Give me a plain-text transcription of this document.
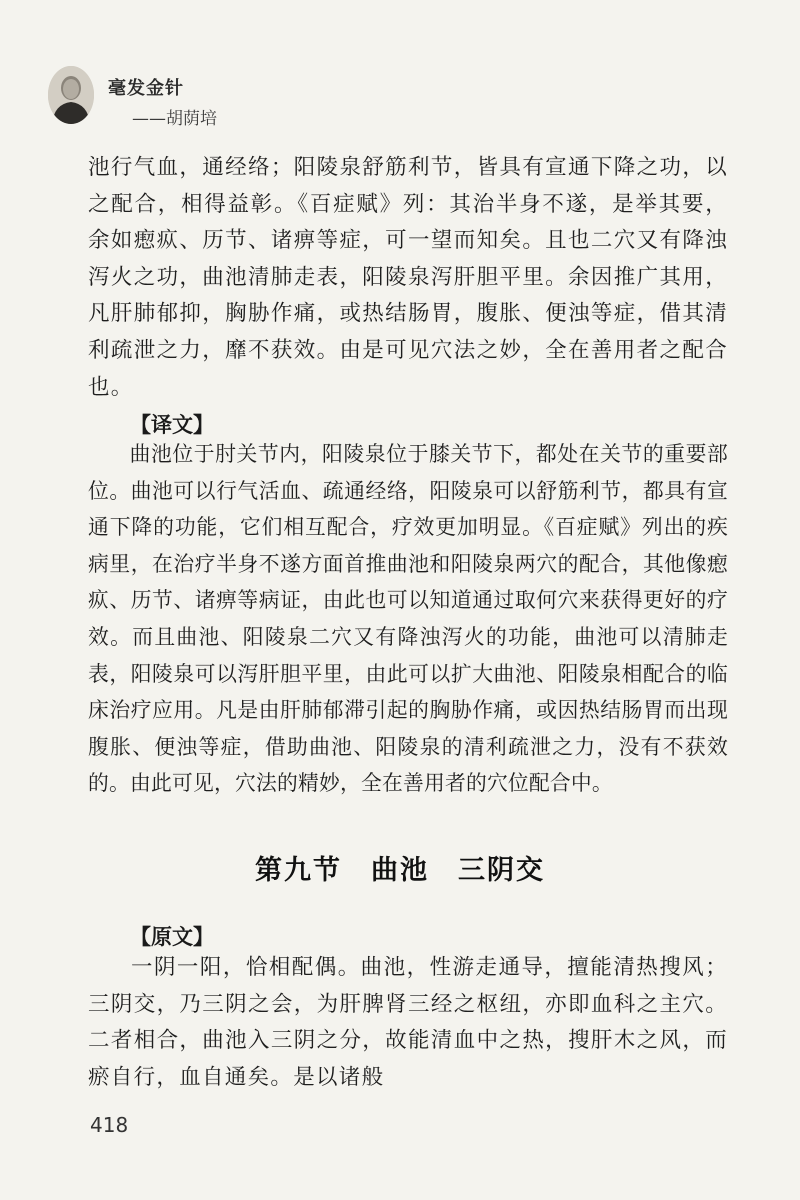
毫发金针
——胡荫培

池行气血，通经络；阳陵泉舒筋利节，皆具有宣通下降之功，以之配合，相得益彰。《百症赋》列：其治半身不遂，是举其要，余如瘛疭、历节、诸痹等症，可一望而知矣。且也二穴又有降浊泻火之功，曲池清肺走表，阳陵泉泻肝胆平里。余因推广其用，凡肝肺郁抑，胸胁作痛，或热结肠胃，腹胀、便浊等症，借其清利疏泄之力，靡不获效。由是可见穴法之妙，全在善用者之配合也。

【译文】

曲池位于肘关节内，阳陵泉位于膝关节下，都处在关节的重要部位。曲池可以行气活血、疏通经络，阳陵泉可以舒筋利节，都具有宣通下降的功能，它们相互配合，疗效更加明显。《百症赋》列出的疾病里，在治疗半身不遂方面首推曲池和阳陵泉两穴的配合，其他像瘛疭、历节、诸痹等病证，由此也可以知道通过取何穴来获得更好的疗效。而且曲池、阳陵泉二穴又有降浊泻火的功能，曲池可以清肺走表，阳陵泉可以泻肝胆平里，由此可以扩大曲池、阳陵泉相配合的临床治疗应用。凡是由肝肺郁滞引起的胸胁作痛，或因热结肠胃而出现腹胀、便浊等症，借助曲池、阳陵泉的清利疏泄之力，没有不获效的。由此可见，穴法的精妙，全在善用者的穴位配合中。

第九节　曲池　三阴交
【原文】

一阴一阳，恰相配偶。曲池，性游走通导，擅能清热搜风；三阴交，乃三阴之会，为肝脾肾三经之枢纽，亦即血科之主穴。二者相合，曲池入三阴之分，故能清血中之热，搜肝木之风，而瘀自行，血自通矣。是以诸般

418
